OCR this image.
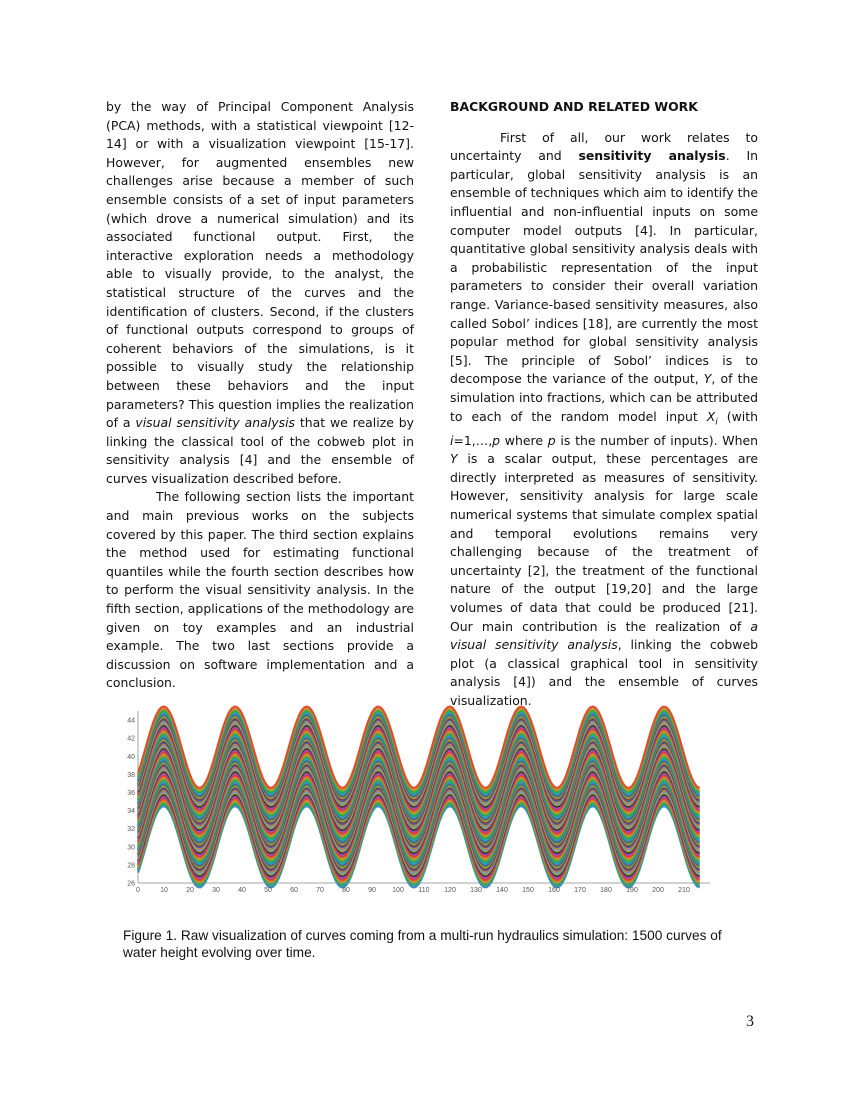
by the way of Principal Component Analysis (PCA) methods, with a statistical viewpoint [12-14] or with a visualization viewpoint [15-17]. However, for augmented ensembles new challenges arise because a member of such ensemble consists of a set of input parameters (which drove a numerical simulation) and its associated functional output. First, the interactive exploration needs a methodology able to visually provide, to the analyst, the statistical structure of the curves and the identification of clusters. Second, if the clusters of functional outputs correspond to groups of coherent behaviors of the simulations, is it possible to visually study the relationship between these behaviors and the input parameters? This question implies the realization of a visual sensitivity analysis that we realize by linking the classical tool of the cobweb plot in sensitivity analysis [4] and the ensemble of curves visualization described before.

The following section lists the important and main previous works on the subjects covered by this paper. The third section explains the method used for estimating functional quantiles while the fourth section describes how to perform the visual sensitivity analysis. In the fifth section, applications of the methodology are given on toy examples and an industrial example. The two last sections provide a discussion on software implementation and a conclusion.

BACKGROUND AND RELATED WORK

First of all, our work relates to uncertainty and sensitivity analysis. In particular, global sensitivity analysis is an ensemble of techniques which aim to identify the influential and non-influential inputs on some computer model outputs [4]. In particular, quantitative global sensitivity analysis deals with a probabilistic representation of the input parameters to consider their overall variation range. Variance-based sensitivity measures, also called Sobol’ indices [18], are currently the most popular method for global sensitivity analysis [5]. The principle of Sobol’ indices is to decompose the variance of the output, Y, of the simulation into fractions, which can be attributed to each of the random model input $X_i$ (with i=1,…,p where p is the number of inputs). When Y is a scalar output, these percentages are directly interpreted as measures of sensitivity. However, sensitivity analysis for large scale numerical systems that simulate complex spatial and temporal evolutions remains very challenging because of the treatment of uncertainty [2], the treatment of the functional nature of the output [19,20] and the large volumes of data that could be produced [21]. Our main contribution is the realization of a visual sensitivity analysis, linking the cobweb plot (a classical graphical tool in sensitivity analysis [4]) and the ensemble of curves visualization.

0	10	20	30	40	50	60	70	80	90 100 110 120 130 140 150 160 170 180 190 200 210
26
28
30
32
34
36
38
40
42
44
Figure 1. Raw visualization of curves coming from a multi-run hydraulics simulation: 1500 curves of water height evolving over time.
3
